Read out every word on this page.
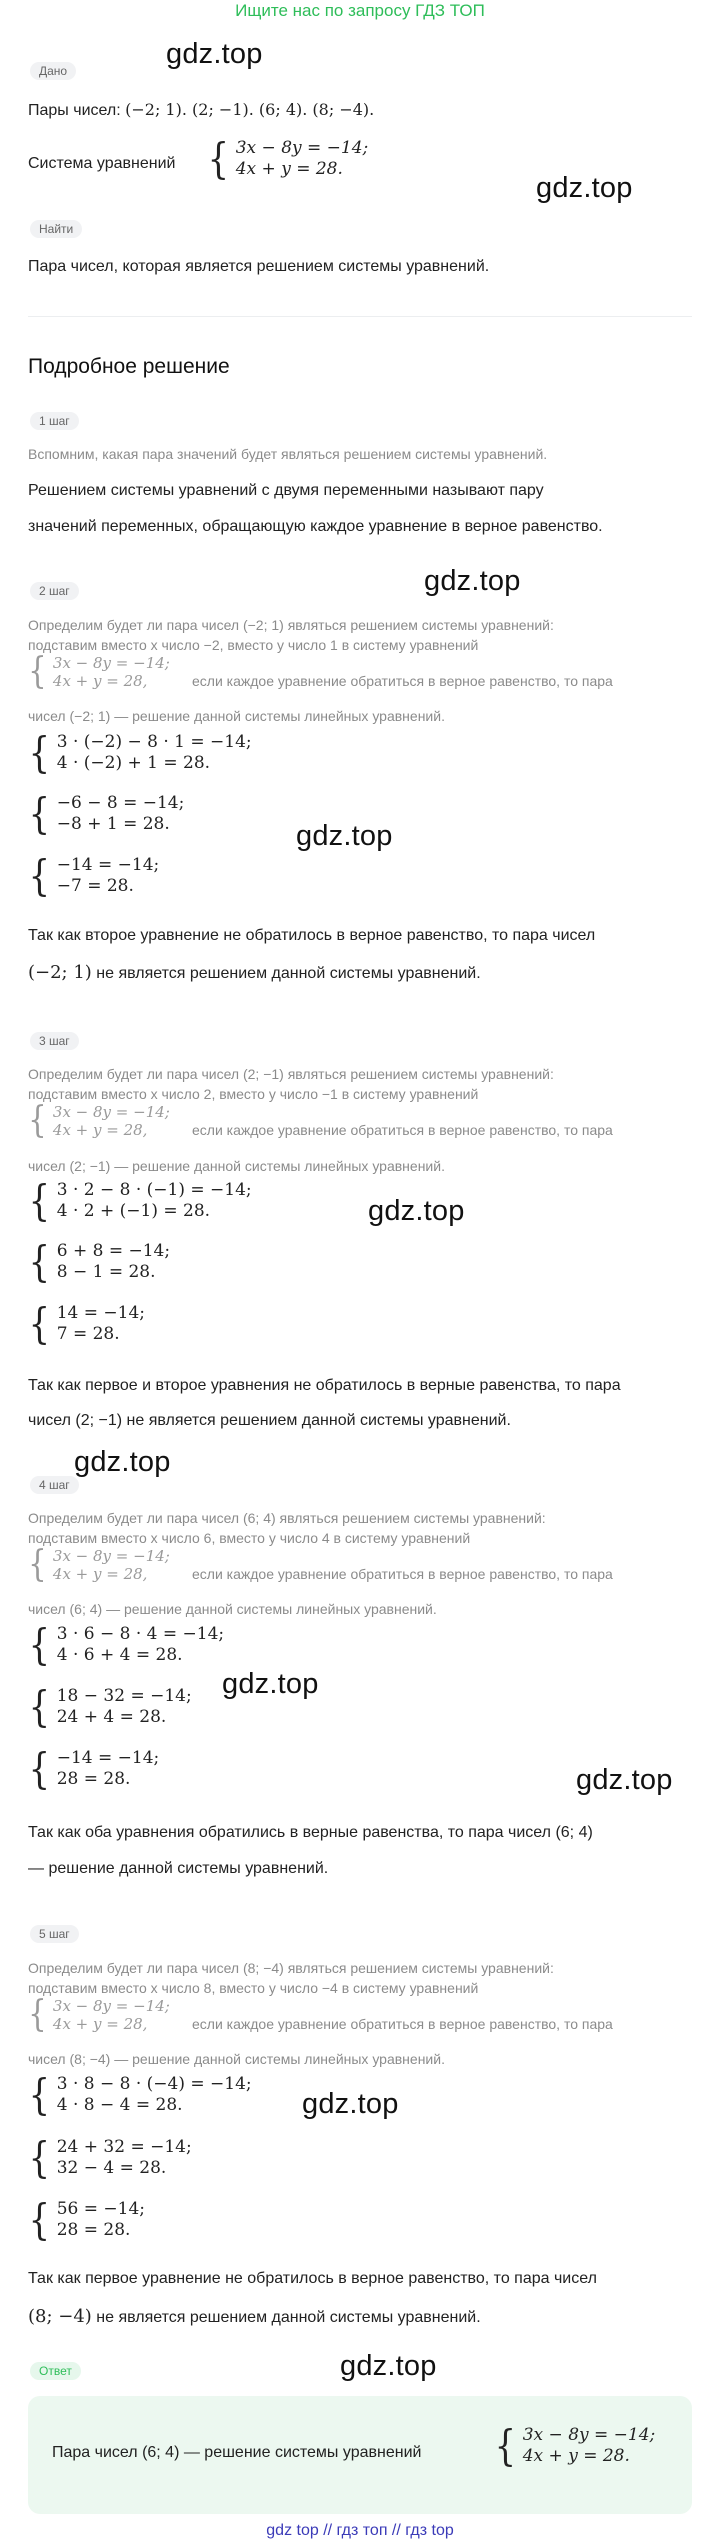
Ищите нас по запросу ГДЗ ТОП
gdz.top
gdz.top
gdz.top
gdz.top
gdz.top
gdz.top
gdz.top
gdz.top
gdz.top
gdz.top
Дано
Пары чисел: (−2; 1). (2; −1). (6; 4). (8; −4).
Система уравнений { 3x − 8y = −14;
4x + y = 28.
Найти
Пара чисел, которая является решением системы уравнений.
Подробное решение
1 шаг
Вспомним, какая пара значений будет являться решением системы уравнений.
Решением системы уравнений с двумя переменными называют пару
значений переменных, обращающую каждое уравнение в верное равенство.
2 шаг
Определим будет ли пара чисел (−2; 1) являться решением системы уравнений:
подставим вместо x число −2, вместо y число 1 в систему уравнений
{ 3x − 8y = −14;
4x + y = 28,	если каждое уравнение обратиться в верное равенство, то пара
чисел (−2; 1) — решение данной системы линейных уравнений.
{ 3 · (−2) − 8 · 1 = −14;
4 · (−2) + 1 = 28.
{ −6 − 8 = −14;
−8 + 1 = 28.
{ −14 = −14;
−7 = 28.
Так как второе уравнение не обратилось в верное равенство, то пара чисел
(−2; 1) не является решением данной системы уравнений.
3 шаг
Определим будет ли пара чисел (2; −1) являться решением системы уравнений:
подставим вместо x число 2, вместо y число −1 в систему уравнений
{ 3x − 8y = −14;
4x + y = 28,	если каждое уравнение обратиться в верное равенство, то пара
чисел (2; −1) — решение данной системы линейных уравнений.
{ 3 · 2 − 8 · (−1) = −14;
4 · 2 + (−1) = 28.
{ 6 + 8 = −14;
8 − 1 = 28.
{ 14 = −14;
7 = 28.
Так как первое и второе уравнения не обратилось в верные равенства, то пара
чисел (2; −1) не является решением данной системы уравнений.
4 шаг
Определим будет ли пара чисел (6; 4) являться решением системы уравнений:
подставим вместо x число 6, вместо y число 4 в систему уравнений
{ 3x − 8y = −14;
4x + y = 28,	если каждое уравнение обратиться в верное равенство, то пара
чисел (6; 4) — решение данной системы линейных уравнений.
{ 3 · 6 − 8 · 4 = −14;
4 · 6 + 4 = 28.
{ 18 − 32 = −14;
24 + 4 = 28.
{ −14 = −14;
28 = 28.
Так как оба уравнения обратились в верные равенства, то пара чисел (6; 4)
— решение данной системы уравнений.
5 шаг
Определим будет ли пара чисел (8; −4) являться решением системы уравнений:
подставим вместо x число 8, вместо y число −4 в систему уравнений
{ 3x − 8y = −14;
4x + y = 28,	если каждое уравнение обратиться в верное равенство, то пара
чисел (8; −4) — решение данной системы линейных уравнений.
{ 3 · 8 − 8 · (−4) = −14;
4 · 8 − 4 = 28.
{ 24 + 32 = −14;
32 − 4 = 28.
{ 56 = −14;
28 = 28.
Так как первое уравнение не обратилось в верное равенство, то пара чисел
(8; −4) не является решением данной системы уравнений.
Ответ
Пара чисел (6; 4) — решение системы уравнений { 3x − 8y = −14;
4x + y = 28.
gdz top // гдз топ // гдз top
